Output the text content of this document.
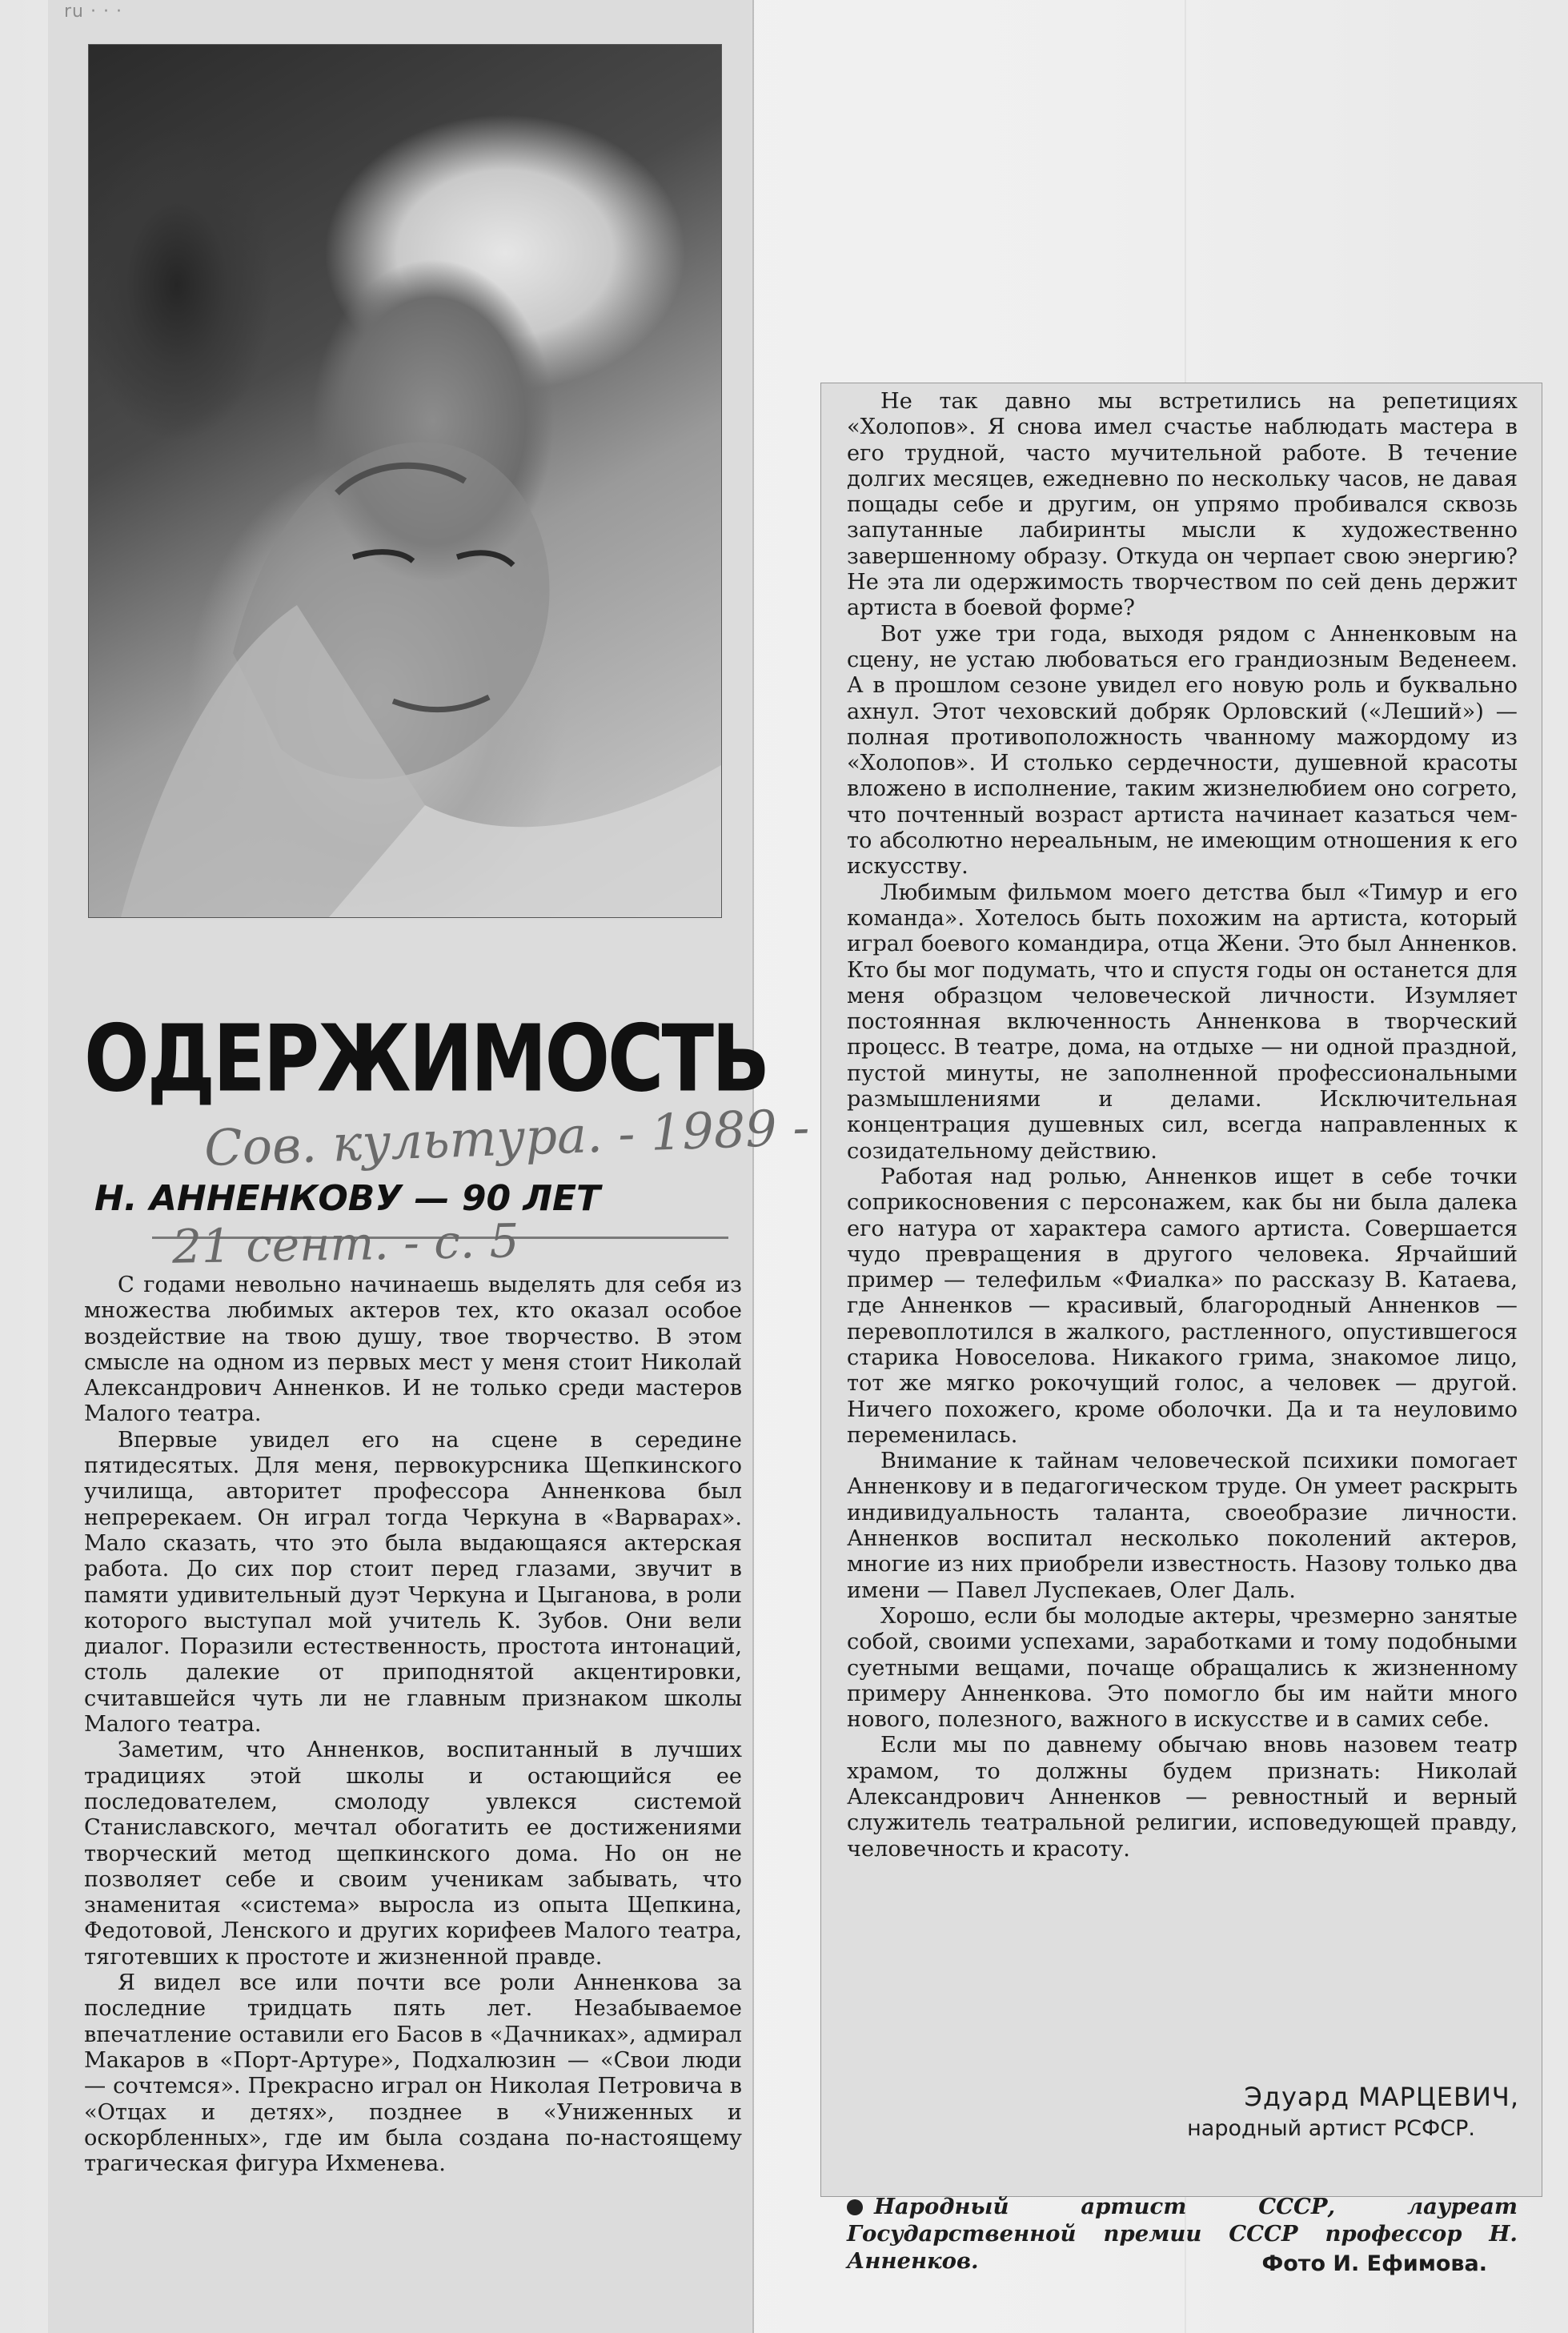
ru · · ·
ОДЕРЖИМОСТЬ
Сов. культура. - 1989 -
Н. АННЕНКОВУ — 90 ЛЕТ
21 сент. - с. 5

С годами невольно начинаешь выделять для себя из множества любимых актеров тех, кто оказал особое воздействие на твою душу, твое творчество. В этом смысле на одном из первых мест у меня стоит Николай Александрович Анненков. И не только среди мастеров Малого театра.

Впервые увидел его на сцене в середине пятидесятых. Для меня, первокурсника Щепкинского училища, авторитет профессора Анненкова был непререкаем. Он играл тогда Черкуна в «Варварах». Мало сказать, что это была выдающаяся актерская работа. До сих пор стоит перед глазами, звучит в памяти удивительный дуэт Черкуна и Цыганова, в роли которого выступал мой учитель К. Зубов. Они вели диалог. Поразили естественность, простота интонаций, столь далекие от приподнятой акцентировки, считавшейся чуть ли не главным признаком школы Малого театра.

Заметим, что Анненков, воспитанный в лучших традициях этой школы и остающийся ее последователем, смолоду увлекся системой Станиславского, мечтал обогатить ее достижениями творческий метод щепкинского дома. Но он не позволяет себе и своим ученикам забывать, что знаменитая «система» выросла из опыта Щепкина, Федотовой, Ленского и других корифеев Малого театра, тяготевших к простоте и жизненной правде.

Я видел все или почти все роли Анненкова за последние тридцать пять лет. Незабываемое впечатление оставили его Басов в «Дачниках», адмирал Макаров в «Порт-Артуре», Подхалюзин — «Свои люди — сочтемся». Прекрасно играл он Николая Петровича в «Отцах и детях», позднее в «Униженных и оскорбленных», где им была создана по-настоящему трагическая фигура Ихменева.

Не так давно мы встретились на репетициях «Холопов». Я снова имел счастье наблюдать мастера в его трудной, часто мучительной работе. В течение долгих месяцев, ежедневно по нескольку часов, не давая пощады себе и другим, он упрямо пробивался сквозь запутанные лабиринты мысли к художественно завершенному образу. Откуда он черпает свою энергию? Не эта ли одержимость творчеством по сей день держит артиста в боевой форме?

Вот уже три года, выходя рядом с Анненковым на сцену, не устаю любоваться его грандиозным Веденеем. А в прошлом сезоне увидел его новую роль и буквально ахнул. Этот чеховский добряк Орловский («Леший») — полная противоположность чванному мажордому из «Холопов». И столько сердечности, душевной красоты вложено в исполнение, таким жизнелюбием оно согрето, что почтенный возраст артиста начинает казаться чем-то абсолютно нереальным, не имеющим отношения к его искусству.

Любимым фильмом моего детства был «Тимур и его команда». Хотелось быть похожим на артиста, который играл боевого командира, отца Жени. Это был Анненков. Кто бы мог подумать, что и спустя годы он останется для меня образцом человеческой личности. Изумляет постоянная включенность Анненкова в творческий процесс. В театре, дома, на отдыхе — ни одной праздной, пустой минуты, не заполненной профессиональными размышлениями и делами. Исключительная концентрация душевных сил, всегда направленных к созидательному действию.

Работая над ролью, Анненков ищет в себе точки соприкосновения с персонажем, как бы ни была далека его натура от характера самого артиста. Совершается чудо превращения в другого человека. Ярчайший пример — телефильм «Фиалка» по рассказу В. Катаева, где Анненков — красивый, благородный Анненков — перевоплотился в жалкого, растленного, опустившегося старика Новоселова. Никакого грима, знакомое лицо, тот же мягко рокочущий голос, а человек — другой. Ничего похожего, кроме оболочки. Да и та неуловимо переменилась.

Внимание к тайнам человеческой психики помогает Анненкову и в педагогическом труде. Он умеет раскрыть индивидуальность таланта, своеобразие личности. Анненков воспитал несколько поколений актеров, многие из них приобрели известность. Назову только два имени — Павел Луспекаев, Олег Даль.

Хорошо, если бы молодые актеры, чрезмерно занятые собой, своими успехами, заработками и тому подобными суетными вещами, почаще обращались к жизненному примеру Анненкова. Это помогло бы им найти много нового, полезного, важного в искусстве и в самих себе.

Если мы по давнему обычаю вновь назовем театр храмом, то должны будем признать: Николай Александрович Анненков — ревностный и верный служитель театральной религии, исповедующей правду, человечность и красоту.

Эдуард МАРЦЕВИЧ,
народный артист РСФСР.
Народный артист СССР, лауреат Государственной премии СССР профессор Н. Анненков.	Фото И. Ефимова.
